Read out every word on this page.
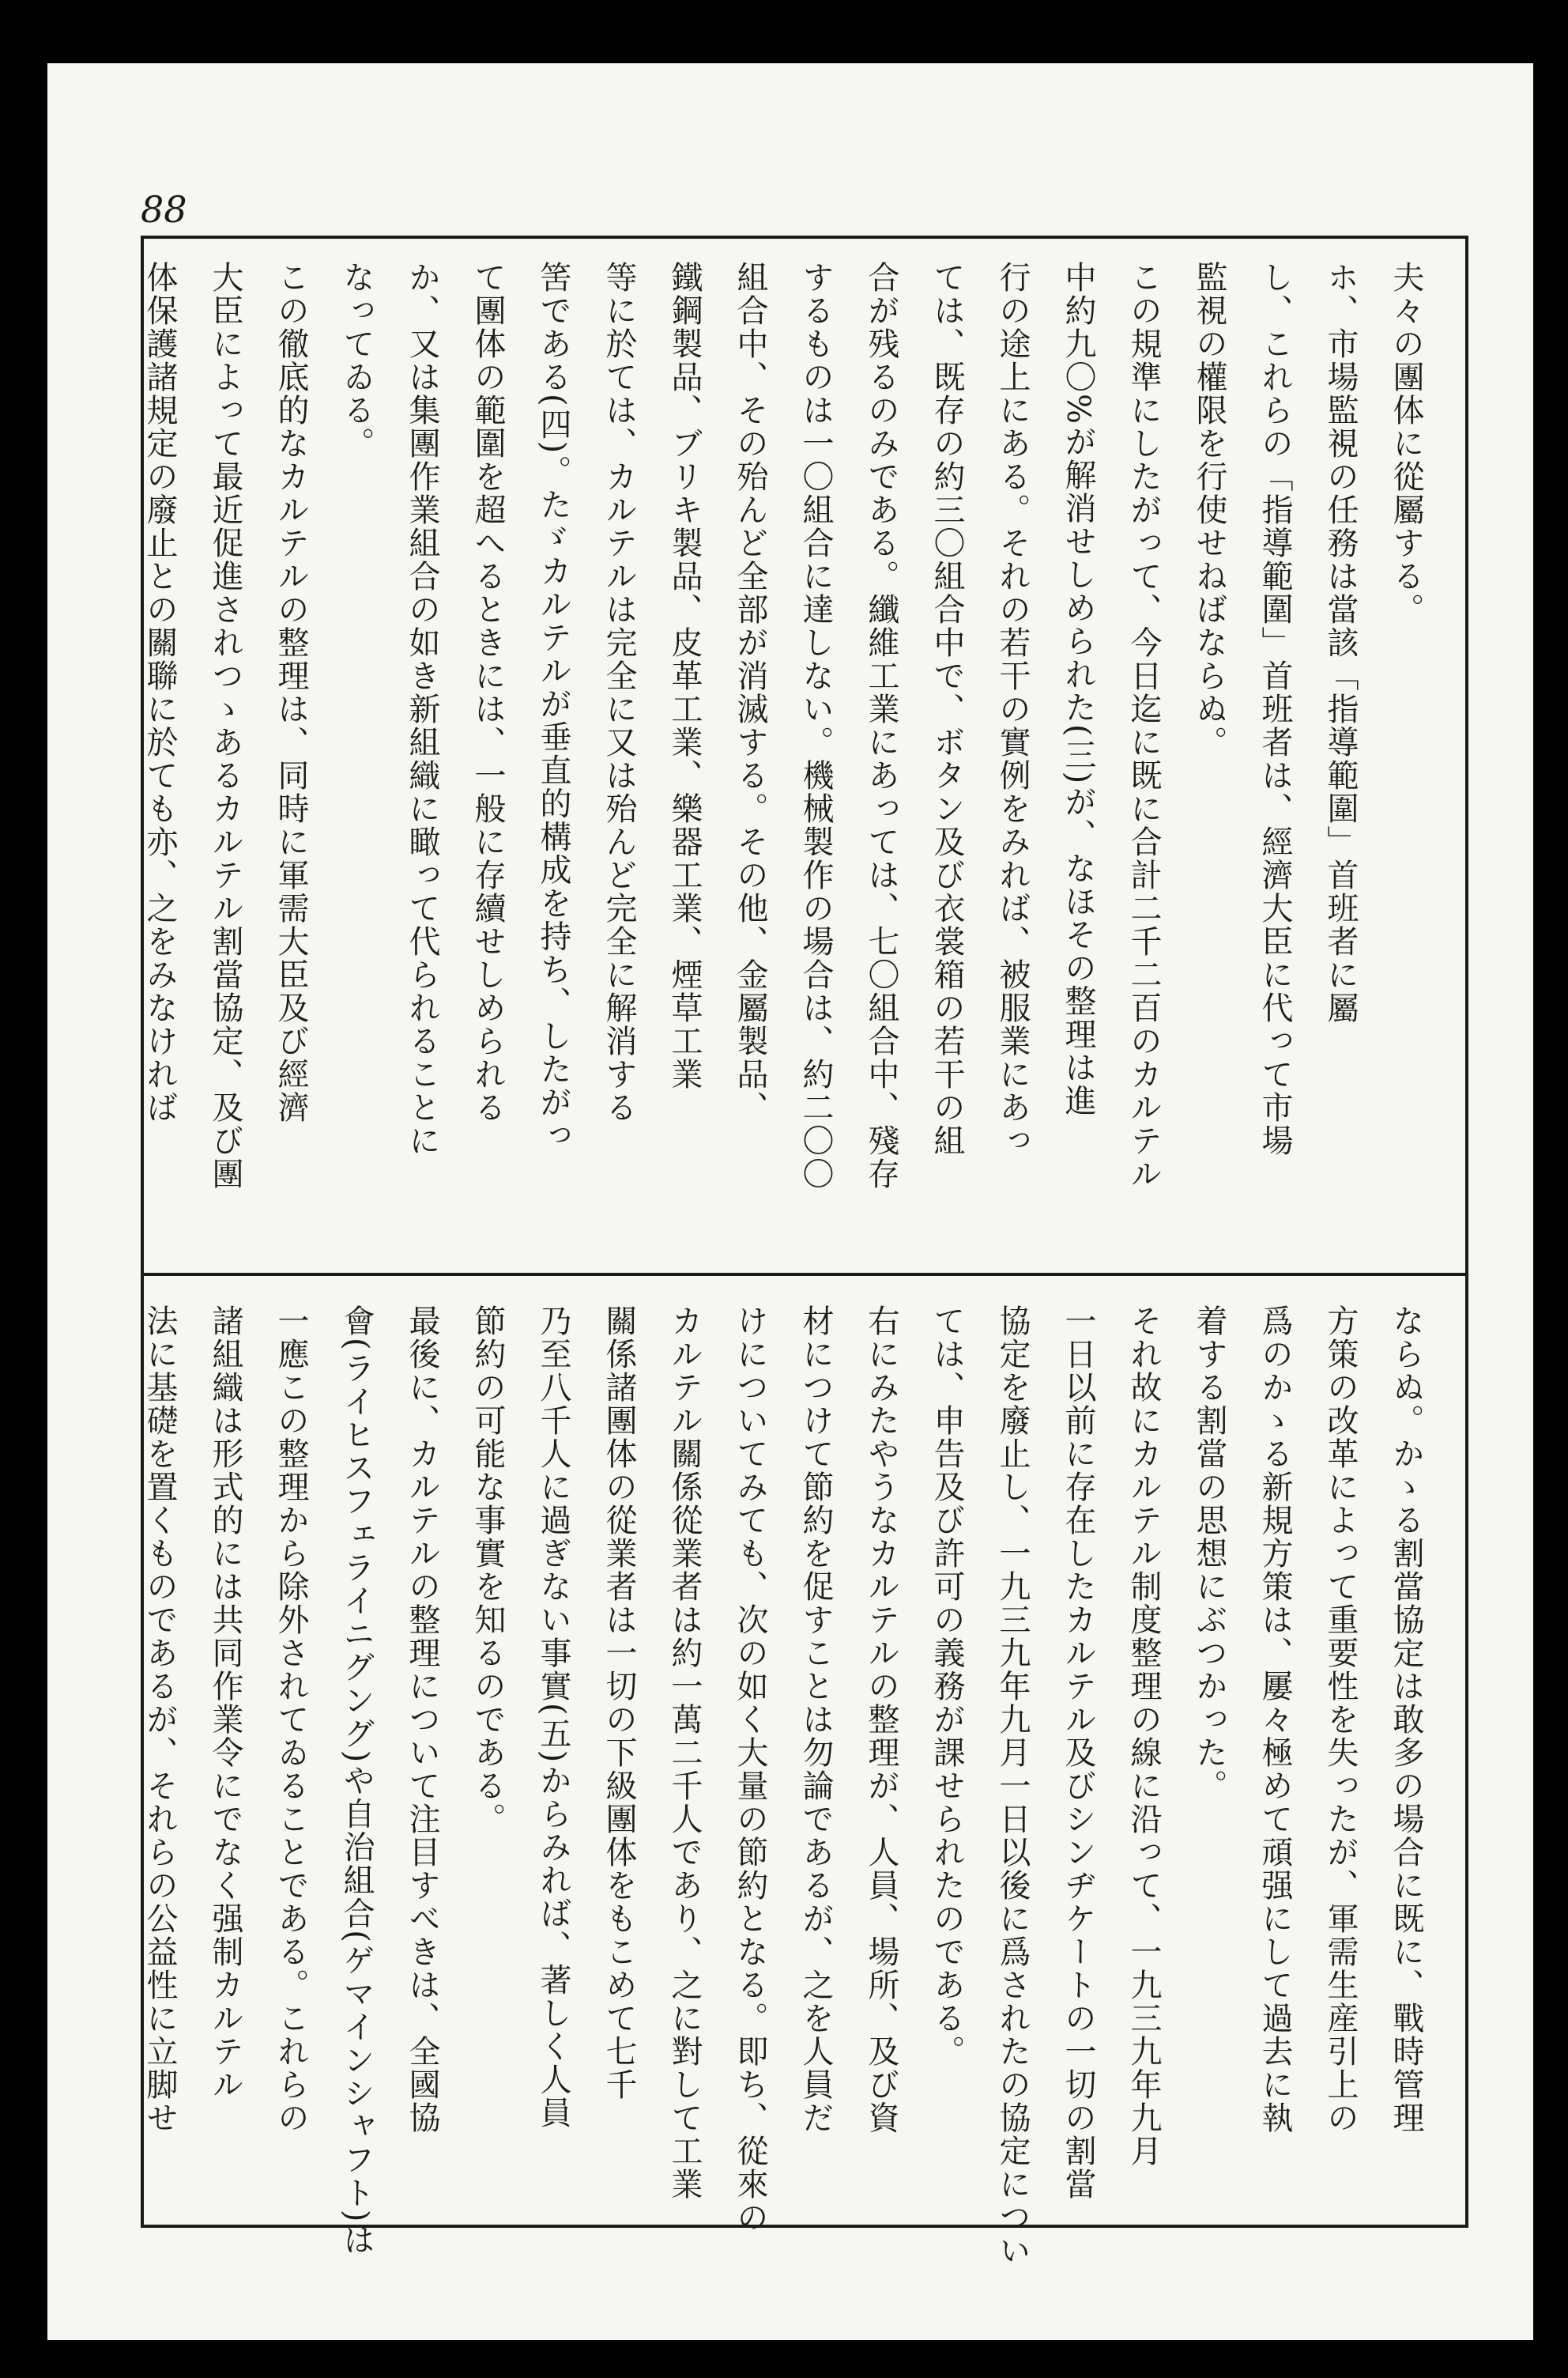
88

夫々の團体に從屬する。

ホ、市場監視の任務は當該「指導範圍」首班者に屬

し、これらの「指導範圍」首班者は、經濟大臣に代って市場

監視の權限を行使せねばならぬ。

この規準にしたがって、今日迄に既に合計二千二百のカルテル

中約九〇%が解消せしめられた(三)が、なほその整理は進

行の途上にある。それの若干の實例をみれば、被服業にあっ

ては、既存の約三〇組合中で、ボタン及び衣裳箱の若干の組

合が残るのみである。纖維工業にあっては、七〇組合中、殘存

するものは一〇組合に達しない。機械製作の場合は、約二〇〇

組合中、その殆んど全部が消滅する。その他、金屬製品、

鐵鋼製品、ブリキ製品、皮革工業、樂器工業、煙草工業

等に於ては、カルテルは完全に又は殆んど完全に解消する

筈である(四)。たゞカルテルが垂直的構成を持ち、したがっ

て團体の範圍を超へるときには、一般に存續せしめられる

か、又は集團作業組合の如き新組織に瞰って代られることに

なってゐる。

この徹底的なカルテルの整理は、同時に軍需大臣及び經濟

大臣によって最近促進されつゝあるカルテル割當協定、及び團

体保護諸規定の廢止との關聯に於ても亦、之をみなければ

ならぬ。かゝる割當協定は敢多の場合に既に、戰時管理

方策の改革によって重要性を失ったが、軍需生産引上の

爲のかゝる新規方策は、屢々極めて頑强にして過去に執

着する割當の思想にぶつかった。

それ故にカルテル制度整理の線に沿って、一九三九年九月

一日以前に存在したカルテル及びシンヂケートの一切の割當

協定を廢止し、一九三九年九月一日以後に爲されたの協定につい

ては、申告及び許可の義務が課せられたのである。

右にみたやうなカルテルの整理が、人員、場所、及び資

材につけて節約を促すことは勿論であるが、之を人員だ

けについてみても、次の如く大量の節約となる。即ち、從來の

カルテル關係從業者は約一萬二千人であり、之に對して工業

關係諸團体の從業者は一切の下級團体をもこめて七千

乃至八千人に過ぎない事實(五)からみれば、著しく人員

節約の可能な事實を知るのである。

最後に、カルテルの整理について注目すべきは、全國協

會(ライヒスフェライニグング)や自治組合(ゲマインシャフト)は

一應この整理から除外されてゐることである。これらの

諸組織は形式的には共同作業令にでなく强制カルテル

法に基礎を置くものであるが、それらの公益性に立脚せ
